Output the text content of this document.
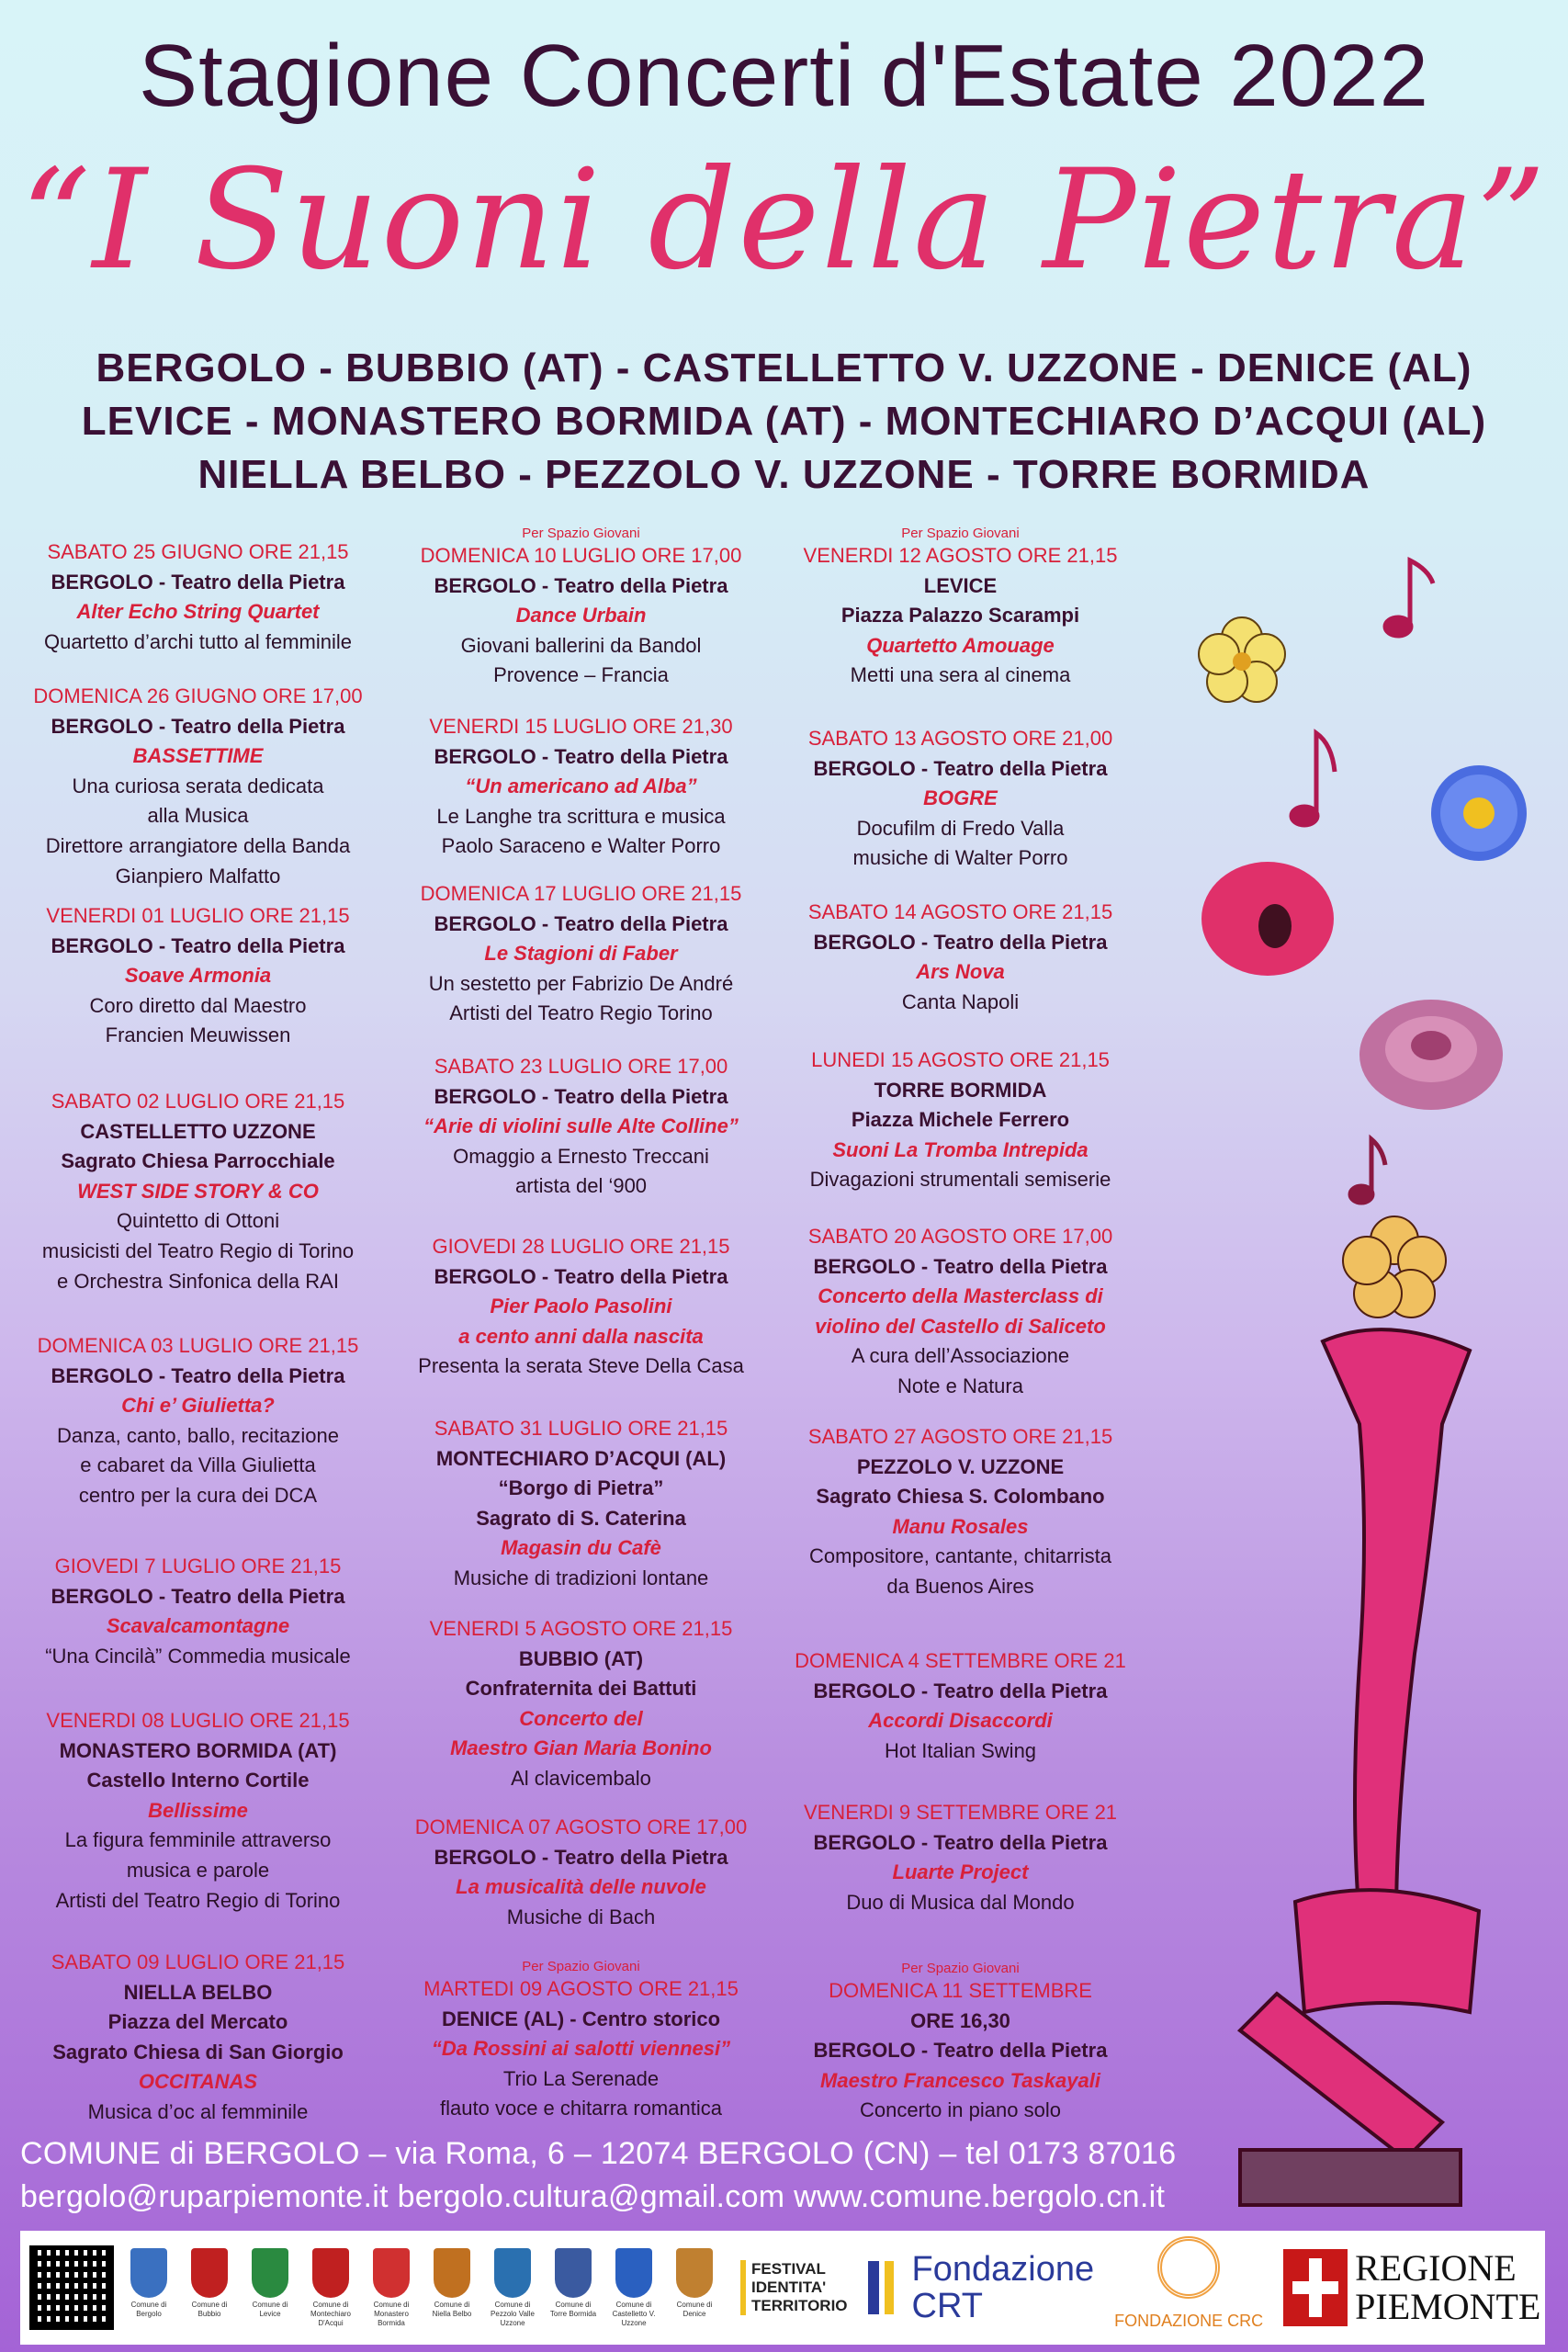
Stagione Concerti d'Estate 2022
“I Suoni della Pietra”
BERGOLO - BUBBIO (AT) - CASTELLETTO V. UZZONE - DENICE (AL)
LEVICE - MONASTERO BORMIDA (AT) - MONTECHIARO D’ACQUI (AL)
NIELLA BELBO - PEZZOLO V. UZZONE - TORRE BORMIDA
SABATO 25 GIUGNO ORE 21,15
BERGOLO - Teatro della Pietra
Alter Echo String Quartet
Quartetto d’archi tutto al femminile
DOMENICA 26 GIUGNO ORE 17,00
BERGOLO - Teatro della Pietra
BASSETTIME
Una curiosa serata dedicata
alla Musica
Direttore arrangiatore della Banda
Gianpiero Malfatto
VENERDI 01 LUGLIO ORE 21,15
BERGOLO - Teatro della Pietra
Soave Armonia
Coro diretto dal Maestro
Francien Meuwissen
SABATO 02 LUGLIO ORE 21,15
CASTELLETTO UZZONE
Sagrato Chiesa Parrocchiale
WEST SIDE STORY & CO
Quintetto di Ottoni
musicisti del Teatro Regio di Torino
e Orchestra Sinfonica della RAI
DOMENICA 03 LUGLIO ORE 21,15
BERGOLO - Teatro della Pietra
Chi e’ Giulietta?
Danza, canto, ballo, recitazione
e cabaret da Villa Giulietta
centro per la cura dei DCA
GIOVEDI 7 LUGLIO ORE 21,15
BERGOLO - Teatro della Pietra
Scavalcamontagne
“Una Cincilà” Commedia musicale
VENERDI 08 LUGLIO ORE 21,15
MONASTERO BORMIDA (AT)
Castello Interno Cortile
Bellissime
La figura femminile attraverso
musica e parole
Artisti del Teatro Regio di Torino
SABATO 09 LUGLIO ORE 21,15
NIELLA BELBO
Piazza del Mercato
Sagrato Chiesa di San Giorgio
OCCITANAS
Musica d’oc al femminile
Per Spazio Giovani
DOMENICA 10 LUGLIO ORE 17,00
BERGOLO - Teatro della Pietra
Dance Urbain
Giovani ballerini da Bandol
Provence – Francia
VENERDI 15 LUGLIO ORE 21,30
BERGOLO - Teatro della Pietra
“Un americano ad Alba”
Le Langhe tra scrittura e musica
Paolo Saraceno e Walter Porro
DOMENICA 17 LUGLIO ORE 21,15
BERGOLO - Teatro della Pietra
Le Stagioni di Faber
Un sestetto per Fabrizio De André
Artisti del Teatro Regio Torino
SABATO 23 LUGLIO ORE 17,00
BERGOLO - Teatro della Pietra
“Arie di violini sulle Alte Colline”
Omaggio a Ernesto Treccani
artista del ‘900
GIOVEDI 28 LUGLIO ORE 21,15
BERGOLO - Teatro della Pietra
Pier Paolo Pasolini
a cento anni dalla nascita
Presenta la serata Steve Della Casa
SABATO 31 LUGLIO ORE 21,15
MONTECHIARO D’ACQUI (AL)
“Borgo di Pietra”
Sagrato di S. Caterina
Magasin du Cafè
Musiche di tradizioni lontane
VENERDI 5 AGOSTO ORE 21,15
BUBBIO (AT)
Confraternita dei Battuti
Concerto del
Maestro Gian Maria Bonino
Al clavicembalo
DOMENICA 07 AGOSTO ORE 17,00
BERGOLO - Teatro della Pietra
La musicalità delle nuvole
Musiche di Bach
Per Spazio Giovani
MARTEDI 09 AGOSTO ORE 21,15
DENICE (AL) - Centro storico
“Da Rossini ai salotti viennesi”
Trio La Serenade
flauto voce e chitarra romantica
Per Spazio Giovani
VENERDI 12 AGOSTO ORE 21,15
LEVICE
Piazza Palazzo Scarampi
Quartetto Amouage
Metti una sera al cinema
SABATO 13 AGOSTO ORE 21,00
BERGOLO - Teatro della Pietra
BOGRE
Docufilm di Fredo Valla
musiche di Walter Porro
SABATO 14 AGOSTO ORE 21,15
BERGOLO - Teatro della Pietra
Ars Nova
Canta Napoli
LUNEDI 15 AGOSTO ORE 21,15
TORRE BORMIDA
Piazza Michele Ferrero
Suoni La Tromba Intrepida
Divagazioni strumentali semiserie
SABATO 20 AGOSTO ORE 17,00
BERGOLO - Teatro della Pietra
Concerto della Masterclass di
violino del Castello di Saliceto
A cura dell’Associazione
Note e Natura
SABATO 27 AGOSTO ORE 21,15
PEZZOLO V. UZZONE
Sagrato Chiesa S. Colombano
Manu Rosales
Compositore, cantante, chitarrista
da Buenos Aires
DOMENICA 4 SETTEMBRE ORE 21
BERGOLO - Teatro della Pietra
Accordi Disaccordi
Hot Italian Swing
VENERDI 9 SETTEMBRE ORE 21
BERGOLO - Teatro della Pietra
Luarte Project
Duo di Musica dal Mondo
Per Spazio Giovani
DOMENICA 11 SETTEMBRE
ORE 16,30
BERGOLO - Teatro della Pietra
Maestro Francesco Taskayali
Concerto in piano solo
COMUNE di BERGOLO – via Roma, 6 – 12074 BERGOLO (CN) – tel 0173 87016
bergolo@ruparpiemonte.it bergolo.cultura@gmail.com www.comune.bergolo.cn.it
Comune di Bergolo
Comune di Bubbio
Comune di Levice
Comune di Montechiaro D'Acqui
Comune di Monastero Bormida
Comune di Niella Belbo
Comune di Pezzolo Valle Uzzone
Comune di Torre Bormida
Comune di Castelletto V. Uzzone
Comune di Denice
FESTIVAL
IDENTITA'
TERRITORIO
Fondazione
CRT	FONDAZIONE CRC
REGIONE
PIEMONTE
